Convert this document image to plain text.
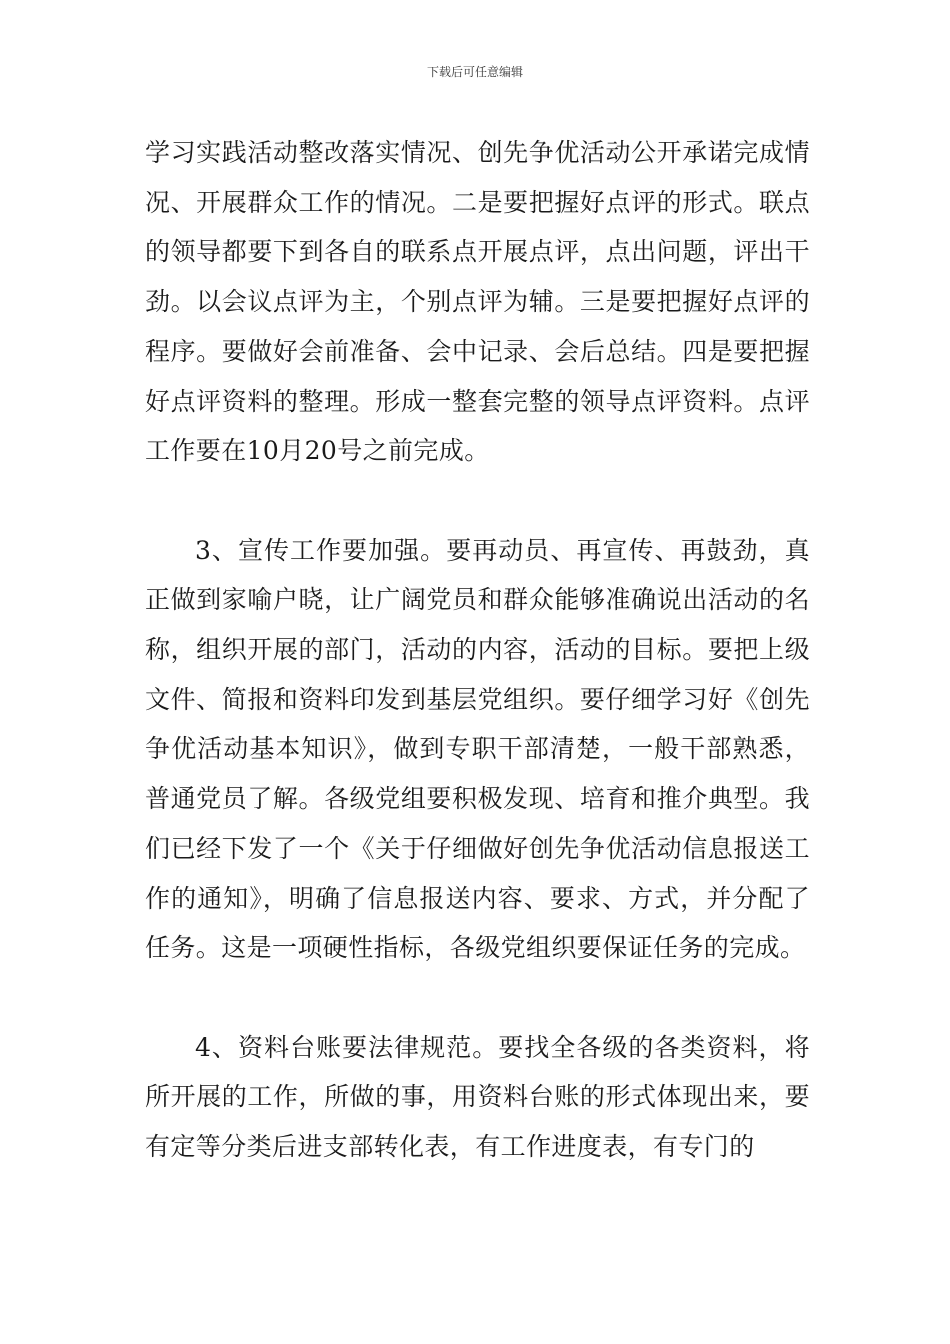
下载后可任意编辑

学习实践活动整改落实情况、创先争优活动公开承诺完成情况、开展群众工作的情况。二是要把握好点评的形式。联点的领导都要下到各自的联系点开展点评，点出问题，评出干劲。以会议点评为主，个别点评为辅。三是要把握好点评的程序。要做好会前准备、会中记录、会后总结。四是要把握好点评资料的整理。形成一整套完整的领导点评资料。点评工作要在10月20号之前完成。

3、宣传工作要加强。要再动员、再宣传、再鼓劲，真正做到家喻户晓，让广阔党员和群众能够准确说出活动的名称，组织开展的部门，活动的内容，活动的目标。要把上级文件、简报和资料印发到基层党组织。要仔细学习好《创先争优活动基本知识》，做到专职干部清楚，一般干部熟悉，普通党员了解。各级党组要积极发现、培育和推介典型。我们已经下发了一个《关于仔细做好创先争优活动信息报送工作的通知》，明确了信息报送内容、要求、方式，并分配了任务。这是一项硬性指标，各级党组织要保证任务的完成。

4、资料台账要法律规范。要找全各级的各类资料，将所开展的工作，所做的事，用资料台账的形式体现出来，要有定等分类后进支部转化表，有工作进度表，有专门的
